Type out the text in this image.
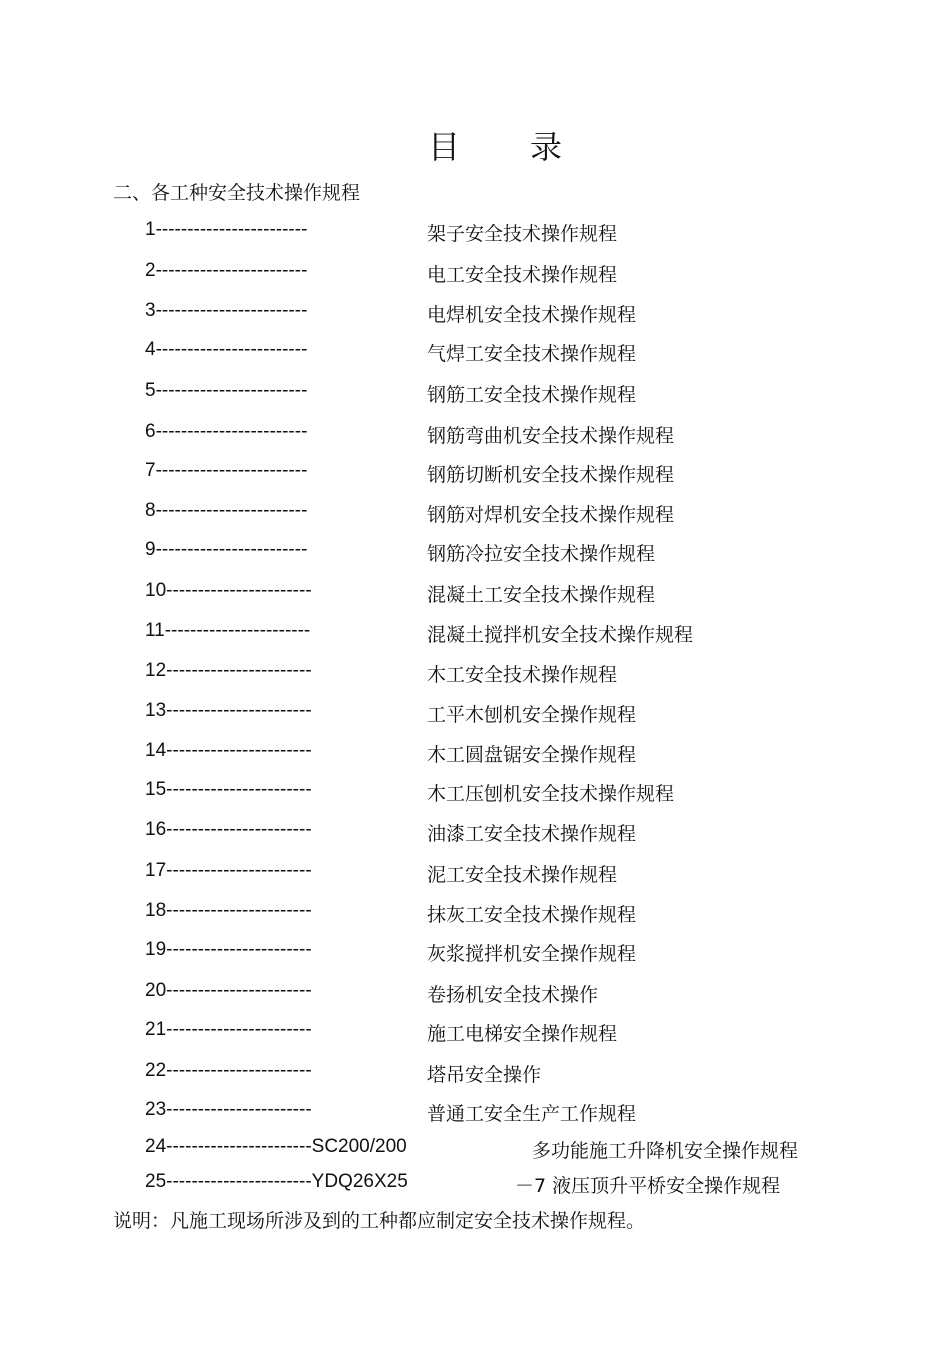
目 录
二、各工种安全技术操作规程
1------------------------	架子安全技术操作规程
2------------------------	电工安全技术操作规程
3------------------------	电焊机安全技术操作规程
4------------------------	气焊工安全技术操作规程
5------------------------	钢筋工安全技术操作规程
6------------------------	钢筋弯曲机安全技术操作规程
7------------------------	钢筋切断机安全技术操作规程
8------------------------	钢筋对焊机安全技术操作规程
9------------------------	钢筋冷拉安全技术操作规程
10-----------------------	混凝土工安全技术操作规程
11-----------------------	混凝土搅拌机安全技术操作规程
12-----------------------	木工安全技术操作规程
13-----------------------	工平木刨机安全操作规程
14-----------------------	木工圆盘锯安全操作规程
15-----------------------	木工压刨机安全技术操作规程
16-----------------------	油漆工安全技术操作规程
17-----------------------	泥工安全技术操作规程
18-----------------------	抹灰工安全技术操作规程
19-----------------------	灰浆搅拌机安全操作规程
20-----------------------	卷扬机安全技术操作
21-----------------------	施工电梯安全操作规程
22-----------------------	塔吊安全操作
23-----------------------	普通工安全生产工作规程
24-----------------------SC200/200	多功能施工升降机安全操作规程
25-----------------------YDQ26X25	－7 液压顶升平桥安全操作规程
说明：凡施工现场所涉及到的工种都应制定安全技术操作规程。
